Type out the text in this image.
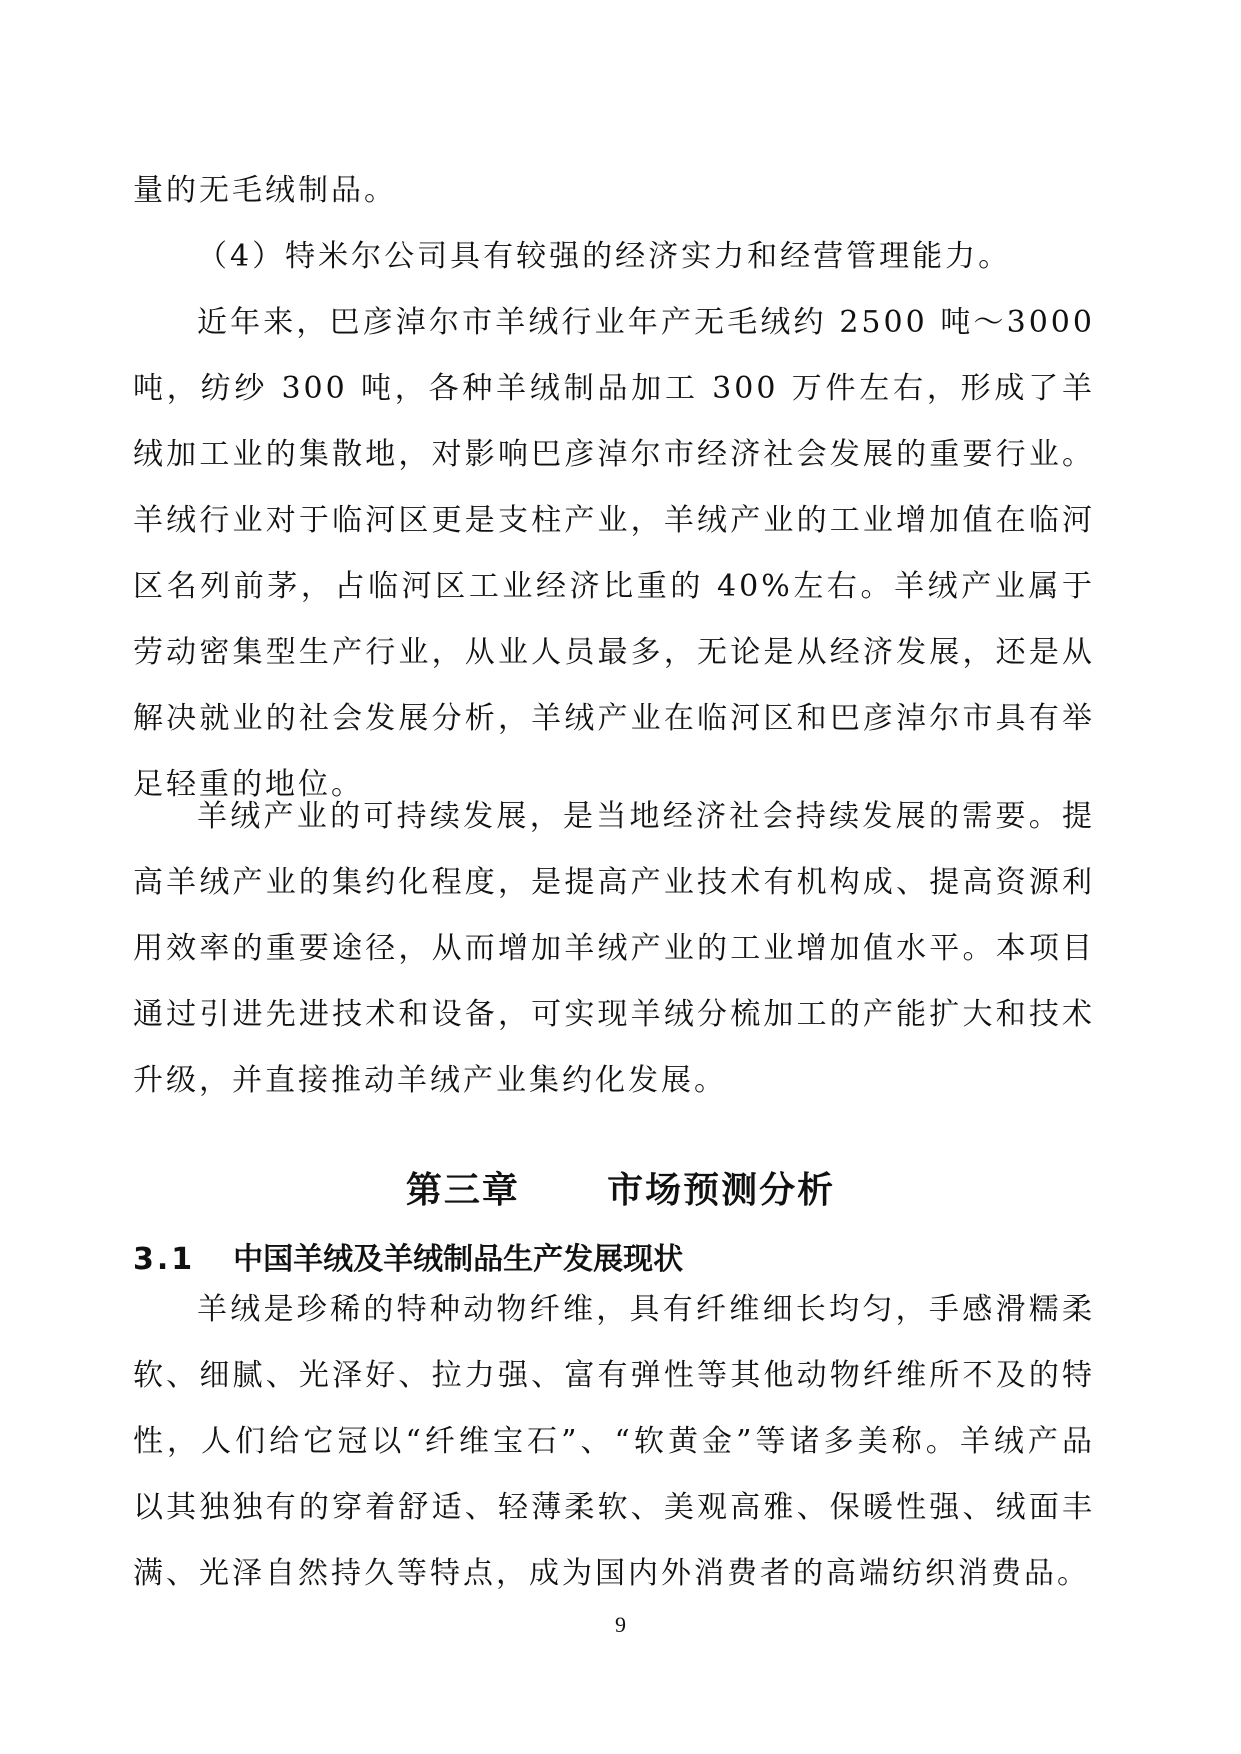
量的无毛绒制品。

（4）特米尔公司具有较强的经济实力和经营管理能力。

近年来，巴彦淖尔市羊绒行业年产无毛绒约 2500 吨～3000 吨，纺纱 300 吨，各种羊绒制品加工 300 万件左右，形成了羊绒加工业的集散地，对影响巴彦淖尔市经济社会发展的重要行业。羊绒行业对于临河区更是支柱产业，羊绒产业的工业增加值在临河区名列前茅，占临河区工业经济比重的 40%左右。羊绒产业属于劳动密集型生产行业，从业人员最多，无论是从经济发展，还是从解决就业的社会发展分析，羊绒产业在临河区和巴彦淖尔市具有举足轻重的地位。

羊绒产业的可持续发展，是当地经济社会持续发展的需要。提高羊绒产业的集约化程度，是提高产业技术有机构成、提高资源利用效率的重要途径，从而增加羊绒产业的工业增加值水平。本项目通过引进先进技术和设备，可实现羊绒分梳加工的产能扩大和技术升级，并直接推动羊绒产业集约化发展。

第三章      市场预测分析
3.1 中国羊绒及羊绒制品生产发展现状

羊绒是珍稀的特种动物纤维，具有纤维细长均匀，手感滑糯柔软、细腻、光泽好、拉力强、富有弹性等其他动物纤维所不及的特性，人们给它冠以“纤维宝石”、“软黄金”等诸多美称。羊绒产品以其独独有的穿着舒适、轻薄柔软、美观高雅、保暖性强、绒面丰满、光泽自然持久等特点，成为国内外消费者的高端纺织消费品。

9
